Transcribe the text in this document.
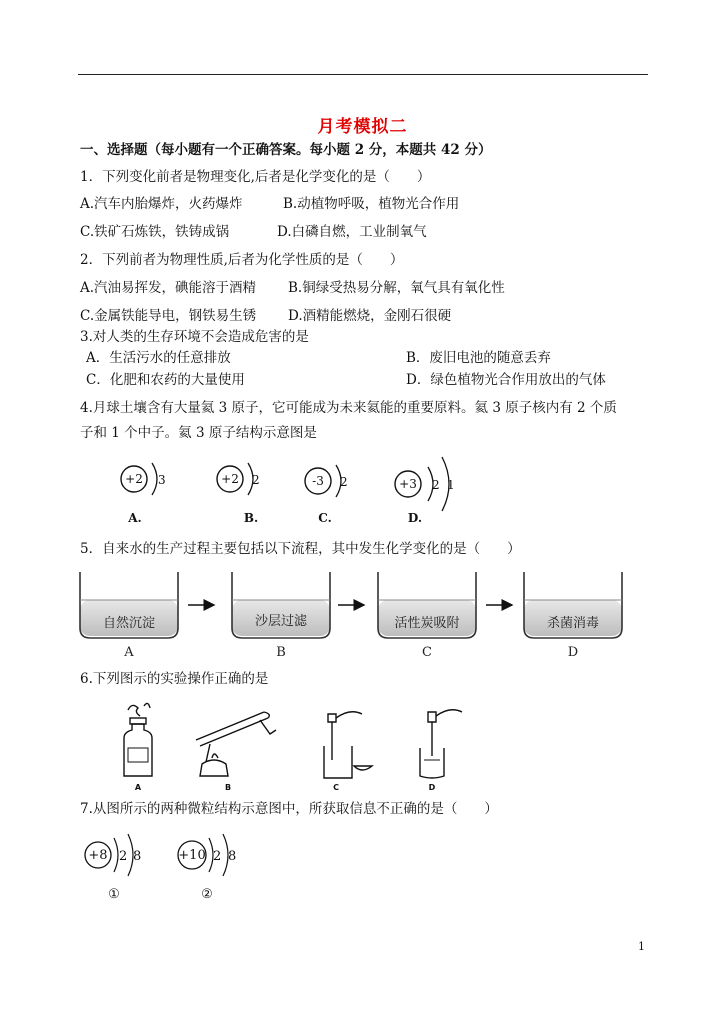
月考模拟二
一、选择题（每小题有一个正确答案。每小题 2 分，本题共 42 分）
1．下列变化前者是物理变化,后者是化学变化的是（　　）
A.汽车内胎爆炸，火药爆炸	B.动植物呼吸，植物光合作用
C.铁矿石炼铁，铁铸成锅	D.白磷自燃，工业制氧气
2．下列前者为物理性质,后者为化学性质的是（　　）
A.汽油易挥发，碘能溶于酒精 B.铜绿受热易分解，氧气具有氧化性
C.金属铁能导电，钢铁易生锈 D.酒精能燃烧，金刚石很硬
3.对人类的生存环境不会造成危害的是
A．生活污水的任意排放	B．废旧电池的随意丢弃
C．化肥和农药的大量使用	D．绿色植物光合作用放出的气体
4.月球土壤含有大量氦 3 原子，它可能成为未来氦能的重要原料。氦 3 原子核内有 2 个质
子和 1 个中子。氦 3 原子结构示意图是
+2 3
A.
+2 2
B.
-3 2
C.
+3 2 1
D.
5．自来水的生产过程主要包括以下流程，其中发生化学变化的是（　　）
自然沉淀
A
沙层过滤
B
活性炭吸附
C
杀菌消毒
D
6.下列图示的实验操作正确的是
A	B	C	D
7.从图所示的两种微粒结构示意图中，所获取信息不正确的是（　　）
+8 2 8
①
+10 2 8
②
1
